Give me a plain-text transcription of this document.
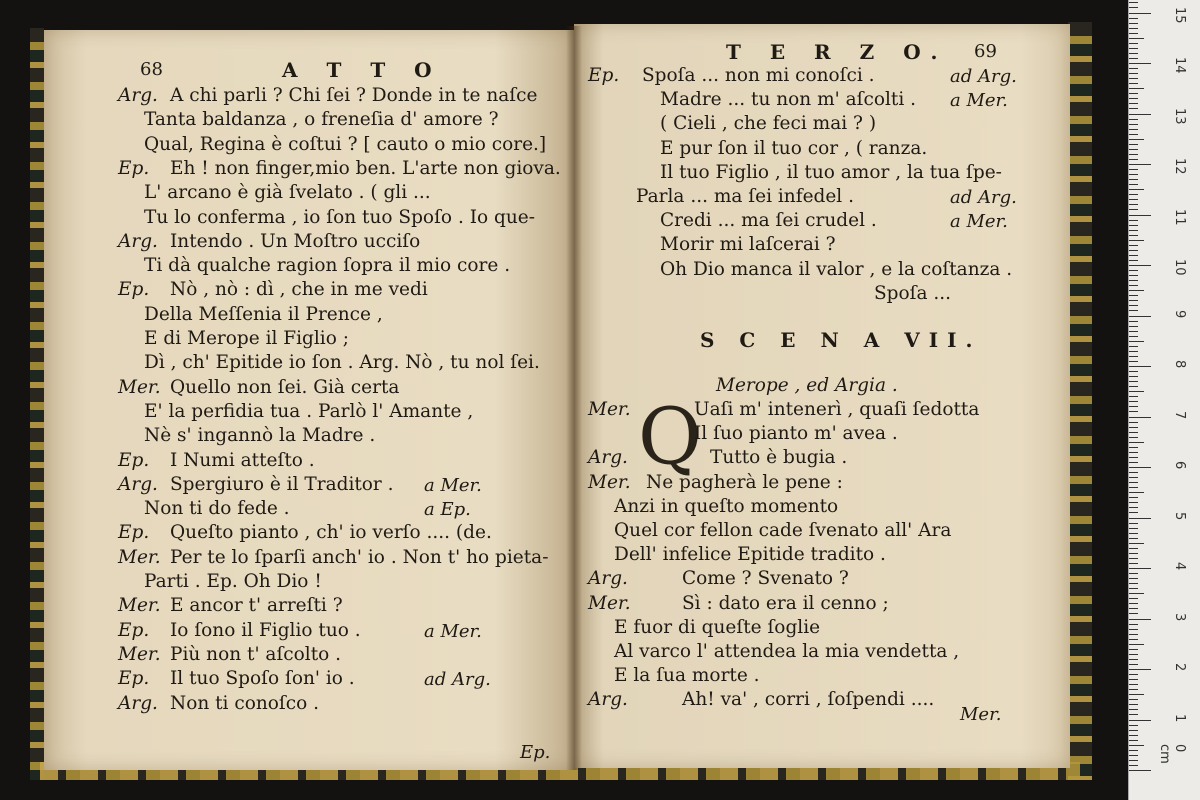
68	A T T O
Arg. A chi parli ? Chi ſei ? Donde in te naſce
Tanta baldanza , o freneſia d' amore ?
Qual, Regina è coſtui ? [ cauto o mio core.]
Ep. Eh ! non finger,mio ben. L'arte non giova.
L' arcano è già ſvelato . ( gli ...
Tu lo conferma , io ſon tuo Spoſo . Io que-
Arg. Intendo . Un Moſtro ucciſo
Ti dà qualche ragion ſopra il mio core .
Ep. Nò , nò : dì , che in me vedi
Della Meſſenia il Prence ,
E di Merope il Figlio ;
Dì , ch' Epitide io ſon . Arg. Nò , tu nol ſei.
Mer. Quello non ſei. Già certa
E' la perfidia tua . Parlò l' Amante ,
Nè s' ingannò la Madre .
Ep. I Numi atteſto .
Arg. Spergiuro è il Traditor . a Mer.
Non ti do fede .	a Ep.
Ep. Queſto pianto , ch' io verſo .... (de.
Mer. Per te lo ſparſi anch' io . Non t' ho pieta-
Parti . Ep. Oh Dio !
Mer. E ancor t' arreſti ?
Ep. Io ſono il Figlio tuo .	a Mer.
Mer. Più non t' aſcolto .
Ep. Il tuo Spoſo ſon' io .	ad Arg.
Arg. Non ti conoſco .
Ep.
T E R Z O. 69
Ep. Spoſa ... non mi conoſci .	ad Arg.
Madre ... tu non m' aſcolti . a Mer.
( Cieli , che feci mai ? )
E pur ſon il tuo cor , ( ranza.
Il tuo Figlio , il tuo amor , la tua ſpe-
Parla ... ma ſei infedel .	ad Arg.
Credi ... ma ſei crudel .	a Mer.
Morir mi laſcerai ?
Oh Dio manca il valor , e la coſtanza .
Spoſa ...
S C E N A VII.
Merope , ed Argia .
Q
Mer.	Uaſi m' intenerì , quaſi ſedotta
Il ſuo pianto m' avea .
Arg.	Tutto è bugia .
Mer. Ne pagherà le pene :
Anzi in queſto momento
Quel cor fellon cade ſvenato all' Ara
Dell' infelice Epitide tradito .
Arg.	Come ? Svenato ?
Mer.	Sì : dato era il cenno ;
E fuor di queſte ſoglie
Al varco l' attendea la mia vendetta ,
E la ſua morte .
Arg.	Ah! va' , corri , ſoſpendi ....
Mer.
0 cm
1
2
3
4
5
6
7
8
9
10
11
12
13
14
15
